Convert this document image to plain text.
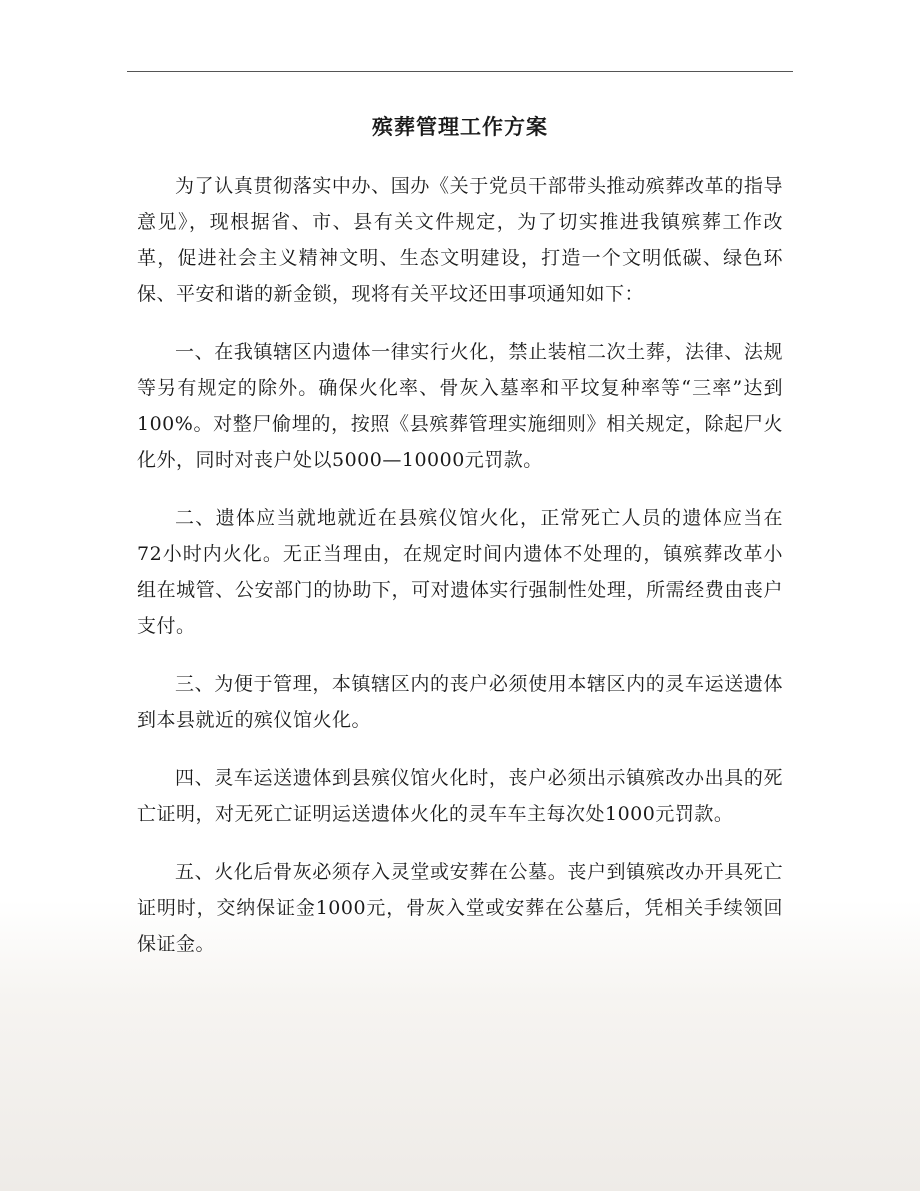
殡葬管理工作方案

为了认真贯彻落实中办、国办《关于党员干部带头推动殡葬改革的指导意见》，现根据省、市、县有关文件规定，为了切实推进我镇殡葬工作改革，促进社会主义精神文明、生态文明建设，打造一个文明低碳、绿色环保、平安和谐的新金锁，现将有关平坟还田事项通知如下：

一、在我镇辖区内遗体一律实行火化，禁止装棺二次土葬，法律、法规等另有规定的除外。确保火化率、骨灰入墓率和平坟复种率等“三率”达到100%。对整尸偷埋的，按照《县殡葬管理实施细则》相关规定，除起尸火化外，同时对丧户处以5000—10000元罚款。

二、遗体应当就地就近在县殡仪馆火化，正常死亡人员的遗体应当在72小时内火化。无正当理由，在规定时间内遗体不处理的，镇殡葬改革小组在城管、公安部门的协助下，可对遗体实行强制性处理，所需经费由丧户支付。

三、为便于管理，本镇辖区内的丧户必须使用本辖区内的灵车运送遗体到本县就近的殡仪馆火化。

四、灵车运送遗体到县殡仪馆火化时，丧户必须出示镇殡改办出具的死亡证明，对无死亡证明运送遗体火化的灵车车主每次处1000元罚款。

五、火化后骨灰必须存入灵堂或安葬在公墓。丧户到镇殡改办开具死亡证明时，交纳保证金1000元，骨灰入堂或安葬在公墓后，凭相关手续领回保证金。
